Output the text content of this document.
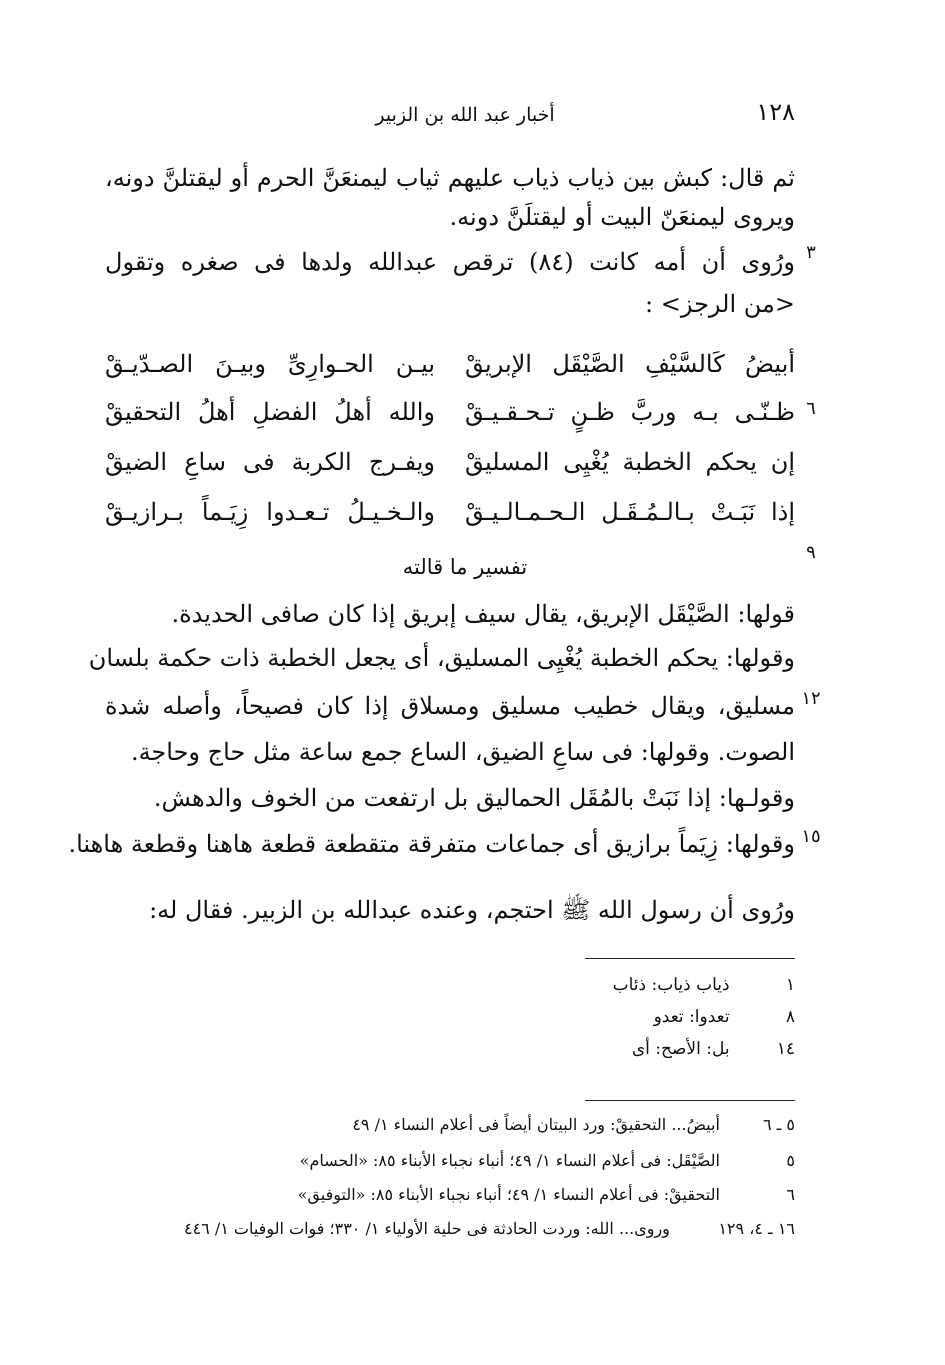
١٢٨
أخبار عبد الله بن الزبير
ثم قال: كبش بين ذياب ذياب عليهم ثياب ليمنعَنَّ الحرم أو ليقتلنَّ دونه،
ويروى ليمنعَنّ البيت أو ليقتلَنَّ دونه.
ورُوى أن أمه كانت (٨٤) ترقص عبدالله ولدها فى صغره وتقول ٣
<من الرجز> :
أبيضُ كَالسَّيْفِ الصَّيْقَل الإبريقْ
بيـن الحـوارِىِّ وبيـنَ الصـدّيـقْ
ظـنّـى بـه وربَّ ظـنٍ تـحـقـيـقْ
والله أهلُ الفضلِ أهلُ التحقيقْ	٦
إن يحكم الخطبة يُغْيِى المسليقْ
ويفـرج الكربة فى ساعِ الضيقْ
إذا نَبَـتْ بـالـمُـقَـل الـحـمـالـيـقْ
والـخـيـلُ تـعـدوا زِيَـماً بـرازيـقْ
٩
تفسير ما قالته
قولها: الصَّيْقَل الإبريق، يقال سيف إبريق إذا كان صافى الحديدة.
وقولها: يحكم الخطبة يُغْيِى المسليق، أى يجعل الخطبة ذات حكمة بلسان
مسليق، ويقال خطيب مسليق ومسلاق إذا كان فصيحاً، وأصله شدة ١٢
الصوت. وقولها: فى ساعِ الضيق، الساع جمع ساعة مثل حاج وحاجة.
وقولـها: إذا نَبَتْ بالمُقَل الحماليق بل ارتفعت من الخوف والدهش.
وقولها: زِيَماً برازيق أى جماعات متفرقة متقطعة قطعة هاهنا وقطعة هاهنا. ١٥
ورُوى أن رسول الله ﷺ احتجم، وعنده عبدالله بن الزبير. فقال له:
١ ذياب ذياب: ذئاب
٨ تعدوا: تعدو
١٤ بل: الأصح: أى
٥ ـ ٦ أبيضُ... التحقيقْ: ورد البيتان أيضاً فى أعلام النساء ١/ ٤٩
٥ الصَّيْقَل: فى أعلام النساء ١/ ٤٩؛ أنباء نجباء الأبناء ٨٥: «الحسام»
٦ التحقيقْ: فى أعلام النساء ١/ ٤٩؛ أنباء نجباء الأبناء ٨٥: «التوفيق»
١٦ ـ ٤، ١٢٩ وروى... الله: وردت الحادثة فى حلية الأولياء ١/ ٣٣٠؛ فوات الوفيات ١/ ٤٤٦
